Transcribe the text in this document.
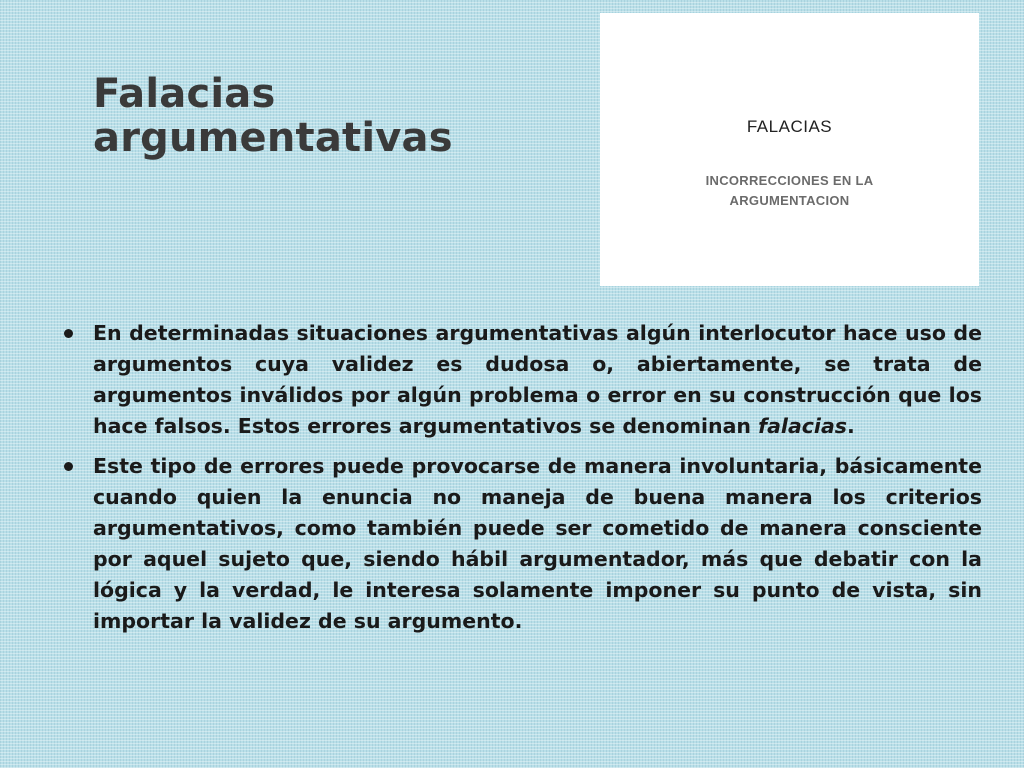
Falacias
argumentativas	FALACIAS
INCORRECCIONES EN LA
ARGUMENTACION
En determinadas situaciones argumentativas algún interlocutor hace uso de argumentos cuya validez es dudosa o, abiertamente, se trata de argumentos inválidos por algún problema o error en su construcción que los hace falsos. Estos errores argumentativos se denominan falacias.
Este tipo de errores puede provocarse de manera involuntaria, básicamente cuando quien la enuncia no maneja de buena manera los criterios argumentativos, como también puede ser cometido de manera consciente por aquel sujeto que, siendo hábil argumentador, más que debatir con la lógica y la verdad, le interesa solamente imponer su punto de vista, sin importar la validez de su argumento.
